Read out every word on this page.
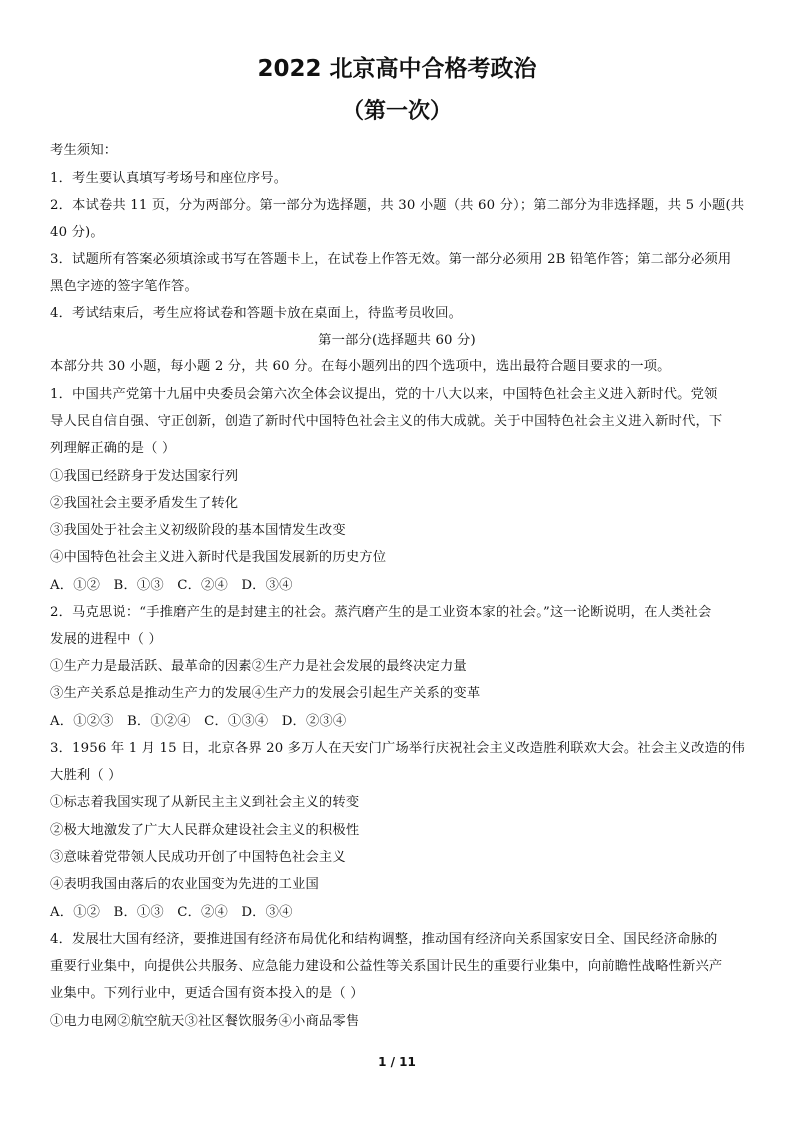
2022 北京高中合格考政治
（第一次）
考生须知：
1．考生要认真填写考场号和座位序号。
2．本试卷共 11 页，分为两部分。第一部分为选择题，共 30 小题（共 60 分）；第二部分为非选择题，共 5 小题(共
40 分)。
3．试题所有答案必须填涂或书写在答题卡上，在试卷上作答无效。第一部分必须用 2B 铅笔作答；第二部分必须用
黑色字迹的签字笔作答。
4．考试结束后，考生应将试卷和答题卡放在桌面上，待监考员收回。
第一部分(选择题共 60 分)
本部分共 30 小题，每小题 2 分，共 60 分。在每小题列出的四个选项中，选出最符合题目要求的一项。
1．中国共产党第十九届中央委员会第六次全体会议提出，党的十八大以来，中国特色社会主义进入新时代。党领
导人民自信自强、守正创新，创造了新时代中国特色社会主义的伟大成就。关于中国特色社会主义进入新时代，下
列理解正确的是（ ）
①我国已经跻身于发达国家行列
②我国社会主要矛盾发生了转化
③我国处于社会主义初级阶段的基本国情发生改变
④中国特色社会主义进入新时代是我国发展新的历史方位
A．①②　B．①③　C．②④　D．③④
2．马克思说：“手推磨产生的是封建主的社会。蒸汽磨产生的是工业资本家的社会。”这一论断说明，在人类社会
发展的进程中（ ）
①生产力是最活跃、最革命的因素②生产力是社会发展的最终决定力量
③生产关系总是推动生产力的发展④生产力的发展会引起生产关系的变革
A．①②③　B．①②④　C．①③④　D．②③④
3．1956 年 1 月 15 日，北京各界 20 多万人在天安门广场举行庆祝社会主义改造胜利联欢大会。社会主义改造的伟
大胜利（ ）
①标志着我国实现了从新民主主义到社会主义的转变
②极大地激发了广大人民群众建设社会主义的积极性
③意味着党带领人民成功开创了中国特色社会主义
④表明我国由落后的农业国变为先进的工业国
A．①②　B．①③　C．②④　D．③④
4．发展壮大国有经济，要推进国有经济布局优化和结构调整，推动国有经济向关系国家安日全、国民经济命脉的
重要行业集中，向提供公共服务、应急能力建设和公益性等关系国计民生的重要行业集中，向前瞻性战略性新兴产
业集中。下列行业中，更适合国有资本投入的是（ ）
①电力电网②航空航天③社区餐饮服务④小商品零售
1 / 11
